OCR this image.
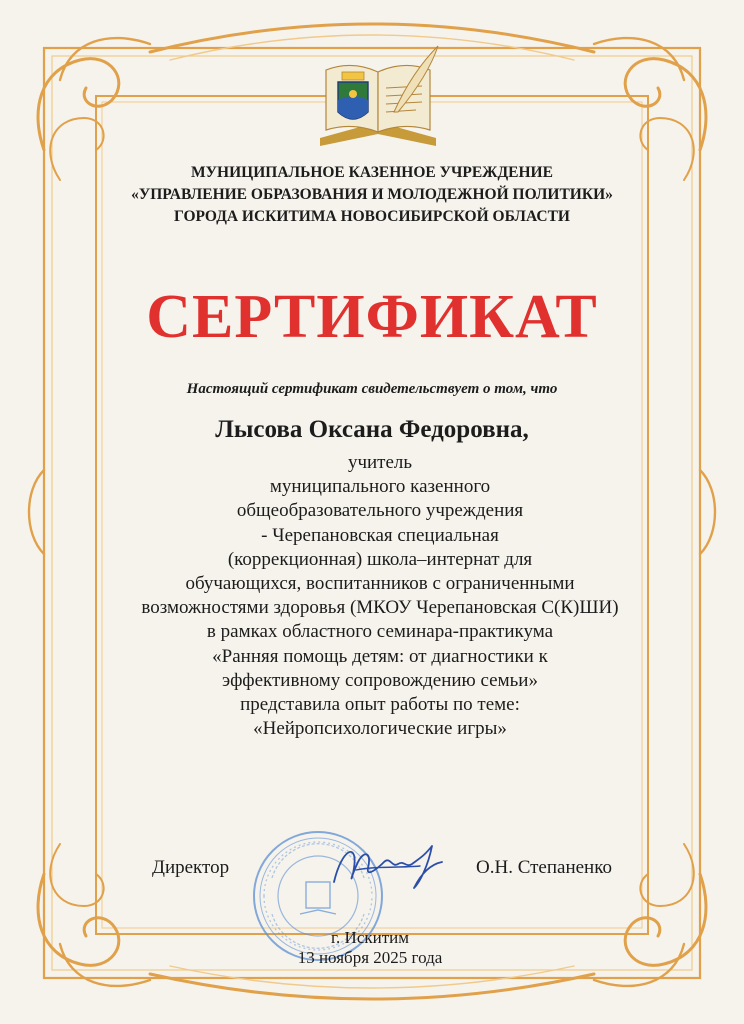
МУНИЦИПАЛЬНОЕ КАЗЕННОЕ УЧРЕЖДЕНИЕ
«УПРАВЛЕНИЕ ОБРАЗОВАНИЯ И МОЛОДЕЖНОЙ ПОЛИТИКИ»
ГОРОДА ИСКИТИМА НОВОСИБИРСКОЙ ОБЛАСТИ
СЕРТИФИКАТ
Настоящий сертификат свидетельствует о том, что
Лысова Оксана Федоровна,
учитель
муниципального казенного
общеобразовательного учреждения
- Черепановская специальная
(коррекционная) школа–интернат для
обучающихся, воспитанников с ограниченными
возможностями здоровья (МКОУ Черепановская С(К)ШИ)
в рамках областного семинара-практикума
«Ранняя помощь детям: от диагностики к
эффективному сопровождению семьи»
представила опыт работы по теме:
«Нейропсихологические игры»
Директор	О.Н. Степаненко
г. Искитим
13 ноября 2025 года
